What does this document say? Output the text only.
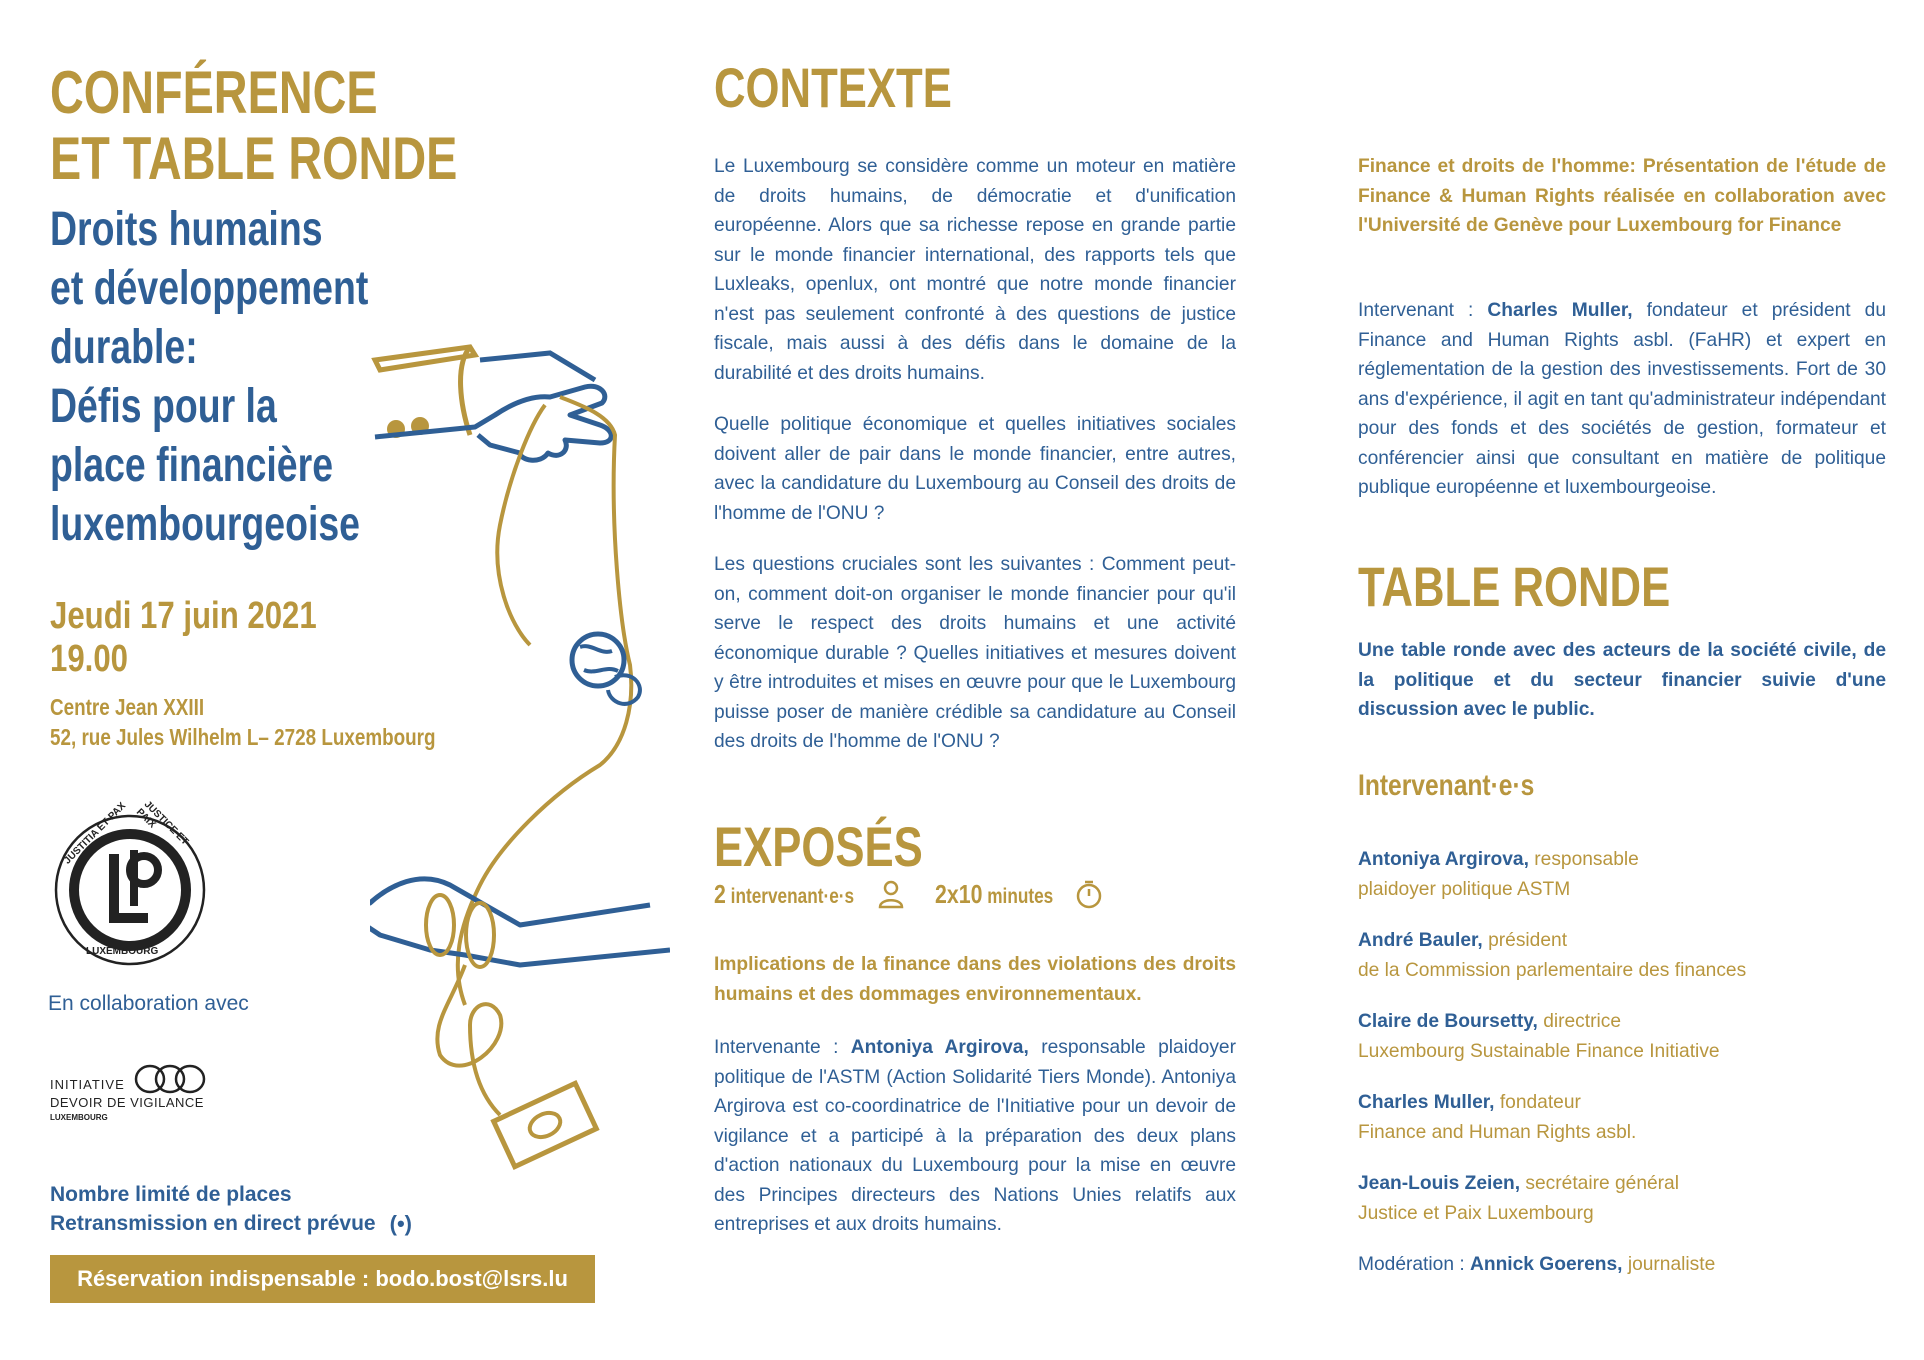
CONFÉRENCE
ET TABLE RONDE
Droits humains
et développement
durable:
Défis pour la
place financière
luxembourgeoise
Jeudi 17 juin 2021
19.00
Centre Jean XXIII
52, rue Jules Wilhelm L– 2728 Luxembourg
JUSTITIA ET PAX	JUSTICE ET PAIX
LUXEMBOURG
En collaboration avec
INITIATIVE
DEVOIR DE VIGILANCE
LUXEMBOURG
Nombre limité de places
Retransmission en direct prévue (•)
Réservation indispensable : bodo.bost@lsrs.lu
CONTEXTE

Le Luxembourg se considère comme un moteur en matière de droits humains, de démocratie et d'unification européenne. Alors que sa richesse repose en grande partie sur le monde financier international, des rapports tels que Luxleaks, openlux, ont montré que notre monde financier n'est pas seulement confronté à des questions de justice fiscale, mais aussi à des défis dans le domaine de la durabilité et des droits humains.

Quelle politique économique et quelles initiatives sociales doivent aller de pair dans le monde financier, entre autres, avec la candidature du Luxembourg au Conseil des droits de l'homme de l'ONU ?

Les questions cruciales sont les suivantes : Comment peut-on, comment doit-on organiser le monde financier pour qu'il serve le respect des droits humains et une activité économique durable ? Quelles initiatives et mesures doivent y être introduites et mises en œuvre pour que le Luxembourg puisse poser de manière crédible sa candidature au Conseil des droits de l'homme de l'ONU ?

EXPOSÉS
2 intervenant·e·s	2x10 minutes
Implications de la finance dans des violations des droits humains et des dommages environnementaux.
Intervenante : Antoniya Argirova, responsable plaidoyer politique de l'ASTM (Action Solidarité Tiers Monde). Antoniya Argirova est co-coordinatrice de l'Initiative pour un devoir de vigilance et a participé à la préparation des deux plans d'action nationaux du Luxembourg pour la mise en œuvre des Principes directeurs des Nations Unies relatifs aux entreprises et aux droits humains.
Finance et droits de l'homme: Présentation de l'étude de Finance & Human Rights réalisée en collaboration avec l'Université de Genève pour Luxembourg for Finance
Intervenant : Charles Muller, fondateur et président du Finance and Human Rights asbl. (FaHR) et expert en réglementation de la gestion des investissements. Fort de 30 ans d'expérience, il agit en tant qu'administrateur indépendant pour des fonds et des sociétés de gestion, formateur et conférencier ainsi que consultant en matière de politique publique européenne et luxembourgeoise.
TABLE RONDE
Une table ronde avec des acteurs de la société civile, de la politique et du secteur financier suivie d'une discussion avec le public.
Intervenant·e·s
Antoniya Argirova, responsable
plaidoyer politique ASTM
André Bauler, président
de la Commission parlementaire des finances
Claire de Boursetty, directrice
Luxembourg Sustainable Finance Initiative
Charles Muller, fondateur
Finance and Human Rights asbl.
Jean-Louis Zeien, secrétaire général
Justice et Paix Luxembourg
Modération : Annick Goerens, journaliste
